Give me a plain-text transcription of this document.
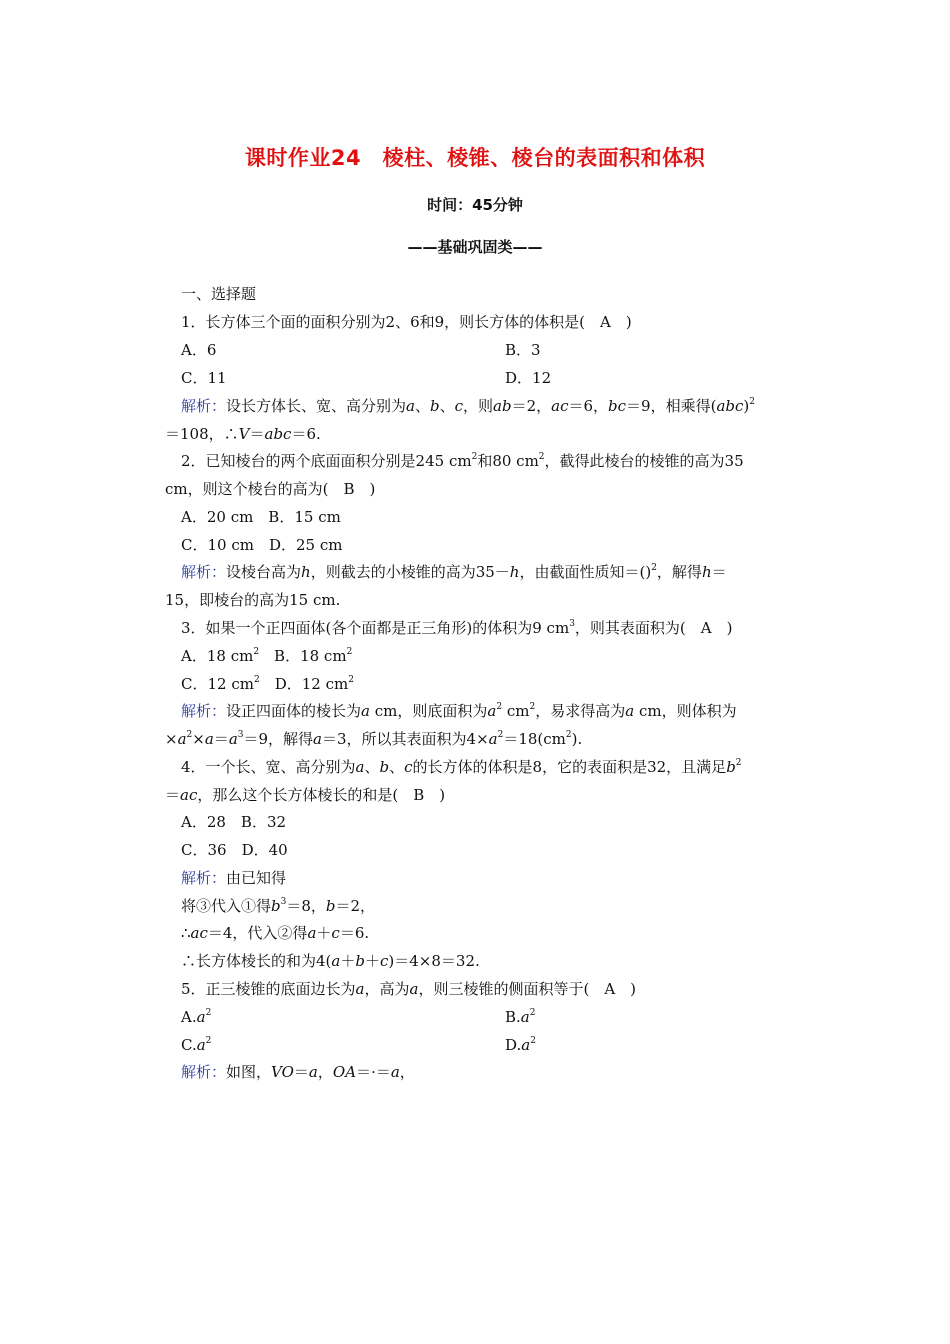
课时作业24　棱柱、棱锥、棱台的表面积和体积
时间：45分钟
——基础巩固类——
一、选择题
1．长方体三个面的面积分别为2、6和9，则长方体的体积是(　A　)
A．6	B．3
C．11	D．12
解析：设长方体长、宽、高分别为a、b、c，则ab＝2，ac＝6，bc＝9，相乘得(abc)$^2$
＝108，∴V＝abc＝6.
2．已知棱台的两个底面面积分别是245 $cm^2$和80 $cm^2$，截得此棱台的棱锥的高为35
cm，则这个棱台的高为(　B　)
A．20 cm　B．15 cm
C．10 cm　D．25 cm
解析：设棱台高为h，则截去的小棱锥的高为35－h，由截面性质知＝()$^2$，解得h＝
15，即棱台的高为15 cm.
3．如果一个正四面体(各个面都是正三角形)的体积为9 $cm^3$，则其表面积为(　A　)
A．18 $cm^2$　B．18 $cm^2$
C．12 $cm^2$　D．12 $cm^2$
解析：设正四面体的棱长为a cm，则底面积为$a^2$ $cm^2$，易求得高为a cm，则体积为
$\times a^2\times a=a^3=9$，解得a＝3，所以其表面积为$4\times a^2=18(cm^2)$.
4．一个长、宽、高分别为a、b、c的长方体的体积是8，它的表面积是32，且满足$b^2$
＝ac，那么这个长方体棱长的和是(　B　)
A．28　B．32
C．36　D．40
解析：由已知得
将③代入①得$b^3=8$，b＝2，
∴ac＝4，代入②得a＋c＝6.
∴长方体棱长的和为4(a＋b＋c)＝4×8＝32.
5．正三棱锥的底面边长为a，高为a，则三棱锥的侧面积等于(　A　)
$A.a^2$	$B.a^2$
$C.a^2$	$D.a^2$
解析：如图，VO＝a，OA＝·＝a，
